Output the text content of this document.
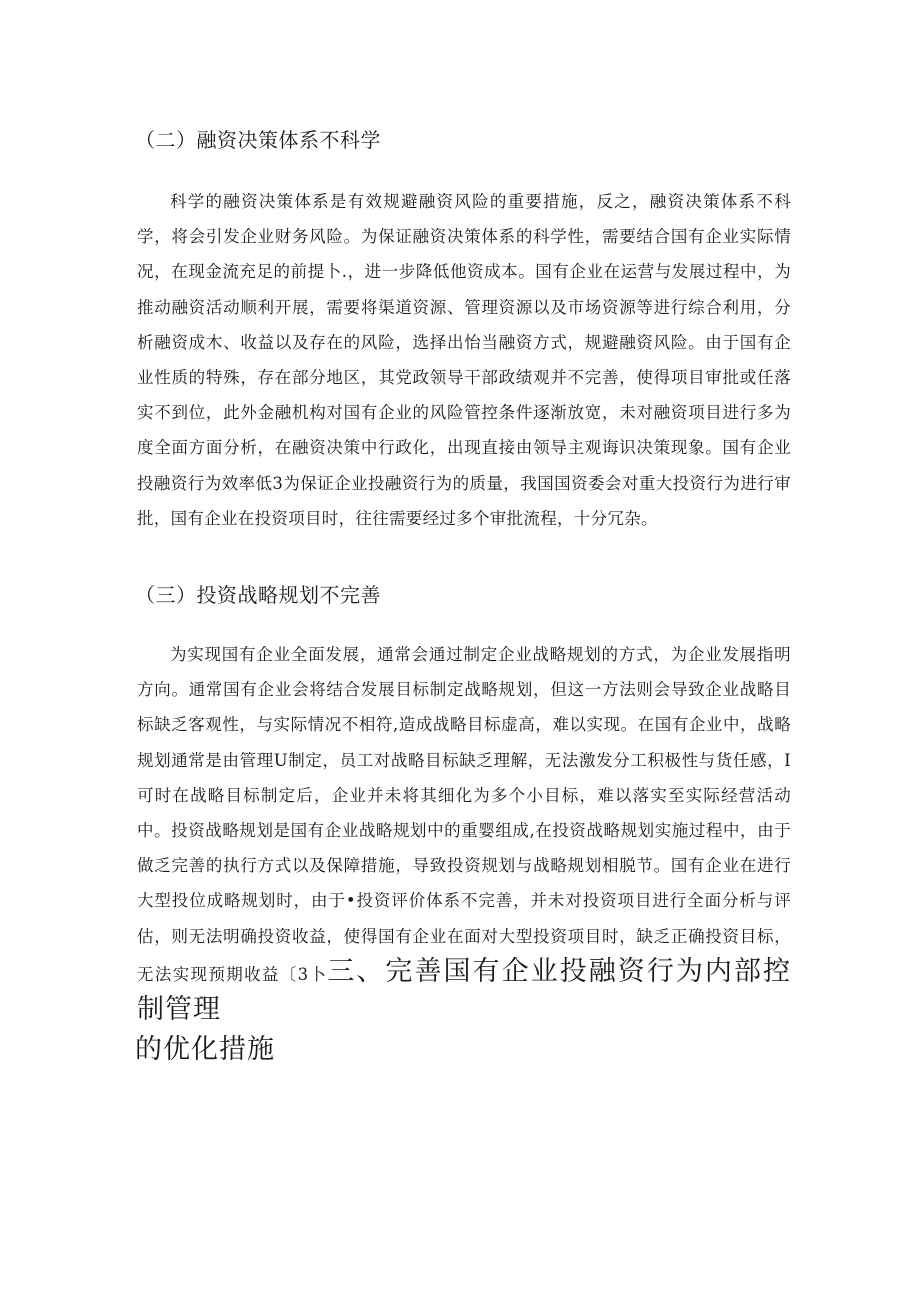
（二）融资决策体系不科学

科学的融资决策体系是有效规避融资风险的重要措施，反之，融资决策体系不科学，将会引发企业财务风险。为保证融资决策体系的科学性，需要结合国有企业实际情况，在现金流充足的前提卜.，进一步降低他资成本。国有企业在运营与发展过程中，为推动融资活动顺利开展，需要将渠道资源、管理资源以及市场资源等进行综合利用，分析融资成木、收益以及存在的风险，选择出怡当融资方式，规避融资风险。由于国有企业性质的特殊，存在部分地区，其党政领导干部政绩观并不完善，使得项目审批或任落实不到位，此外金融机构对国有企业的风险管控条件逐渐放宽，未对融资项目进行多为度全面方面分析，在融资决策中行政化，出现直接由领导主观诲识决策现象。国有企业投融资行为效率低3为保证企业投融资行为的质量，我国国资委会对重大投资行为进行审批，国有企业在投资项目时，往往需要经过多个审批流程，十分冗杂。

（三）投资战略规划不完善

为实现国有企业全面发展，通常会通过制定企业战略规划的方式，为企业发展指明方向。通常国有企业会将结合发展目标制定战略规划，但这一方法则会导致企业战略目标缺乏客观性，与实际情况不相符,造成战略目标虚高，难以实现。在国有企业中，战略规划通常是由管理U制定，员工对战略目标缺乏理解，无法激发分工积极性与货任感，I可时在战略目标制定后，企业并未将其细化为多个小目标，难以落实至实际经营活动中。投资战略规划是国有企业战略规划中的重婴组成,在投资战略规划实施过程中，由于做乏完善的执行方式以及保障措施，导致投资规划与战略规划相脱节。国有企业在进行大型投位成略规划时，由于•投资评价体系不完善，并未对投资项目进行全面分析与评估，则无法明确投资收益，使得国有企业在面对大型投资项目时，缺乏正确投资目标，无法实现预期收益〔3卜三、完善国有企业投融资行为内部控制管理
的优化措施
